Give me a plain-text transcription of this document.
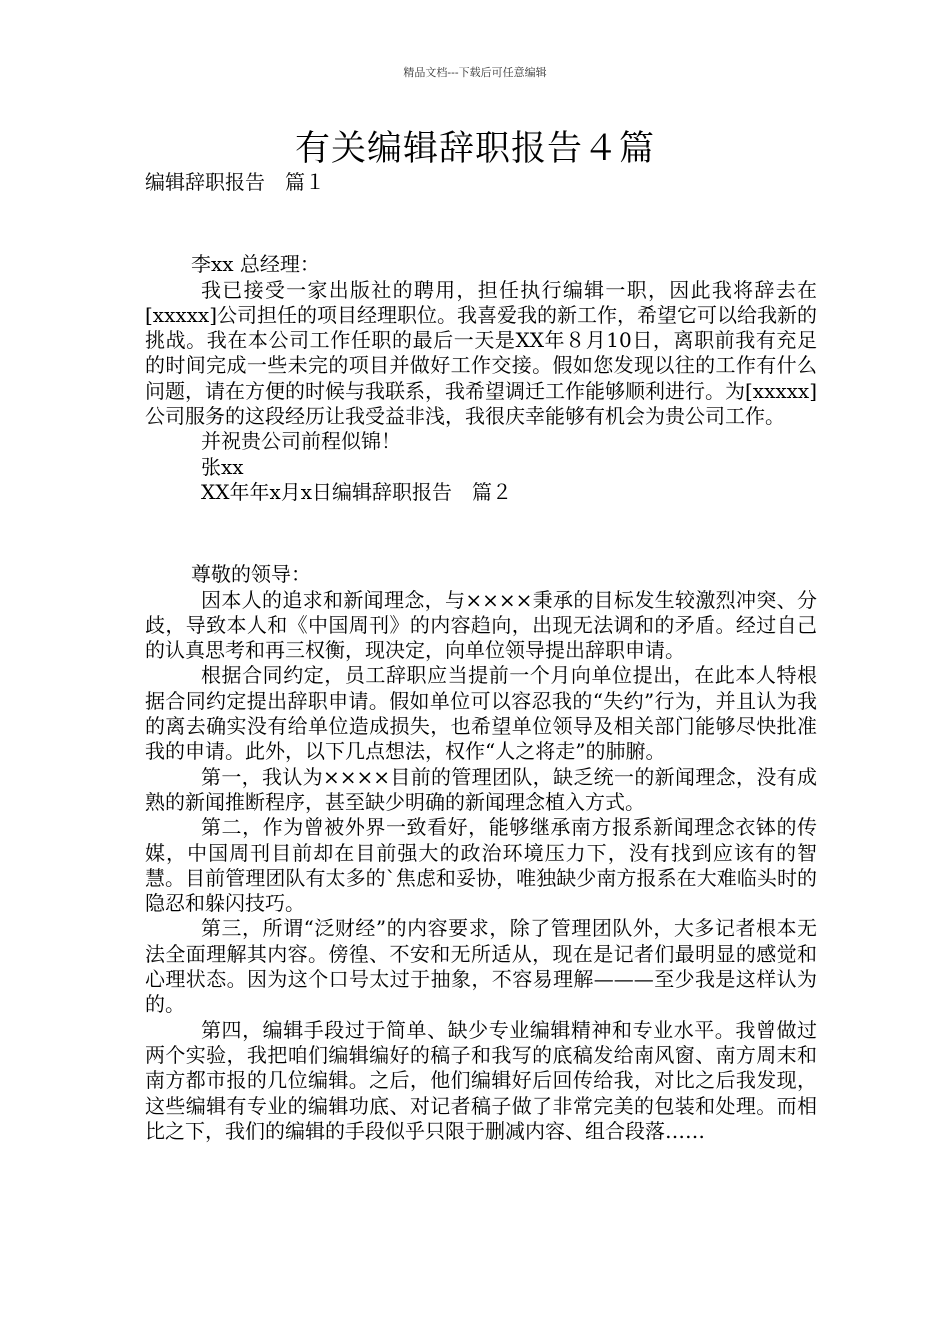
精品文档---下载后可任意编辑
有关编辑辞职报告４篇

编辑辞职报告　篇１

李xx 总经理：

我已接受一家出版社的聘用，担任执行编辑一职，因此我将辞去在[xxxxx]公司担任的项目经理职位。我喜爱我的新工作，希望它可以给我新的挑战。我在本公司工作任职的最后一天是XX年８月10日，离职前我有充足的时间完成一些未完的项目并做好工作交接。假如您发现以往的工作有什么问题，请在方便的时候与我联系，我希望调迁工作能够顺利进行。为[xxxxx]公司服务的这段经历让我受益非浅，我很庆幸能够有机会为贵公司工作。

并祝贵公司前程似锦！

张xx

XX年年x月x日编辑辞职报告　篇２

尊敬的领导：

因本人的追求和新闻理念，与××××秉承的目标发生较激烈冲突、分歧，导致本人和《中国周刊》的内容趋向，出现无法调和的矛盾。经过自己的认真思考和再三权衡，现决定，向单位领导提出辞职申请。

根据合同约定，员工辞职应当提前一个月向单位提出，在此本人特根据合同约定提出辞职申请。假如单位可以容忍我的“失约”行为，并且认为我的离去确实没有给单位造成损失，也希望单位领导及相关部门能够尽快批准我的申请。此外，以下几点想法，权作“人之将走”的肺腑。

第一，我认为××××目前的管理团队，缺乏统一的新闻理念，没有成熟的新闻推断程序，甚至缺少明确的新闻理念植入方式。

第二，作为曾被外界一致看好，能够继承南方报系新闻理念衣钵的传媒，中国周刊目前却在目前强大的政治环境压力下，没有找到应该有的智慧。目前管理团队有太多的`焦虑和妥协，唯独缺少南方报系在大难临头时的隐忍和躲闪技巧。

第三，所谓“泛财经”的内容要求，除了管理团队外，大多记者根本无法全面理解其内容。傍徨、不安和无所适从，现在是记者们最明显的感觉和心理状态。因为这个口号太过于抽象，不容易理解———至少我是这样认为的。

第四，编辑手段过于简单、缺少专业编辑精神和专业水平。我曾做过两个实验，我把咱们编辑编好的稿子和我写的底稿发给南风窗、南方周末和南方都市报的几位编辑。之后，他们编辑好后回传给我，对比之后我发现，这些编辑有专业的编辑功底、对记者稿子做了非常完美的包装和处理。而相比之下，我们的编辑的手段似乎只限于删减内容、组合段落……
